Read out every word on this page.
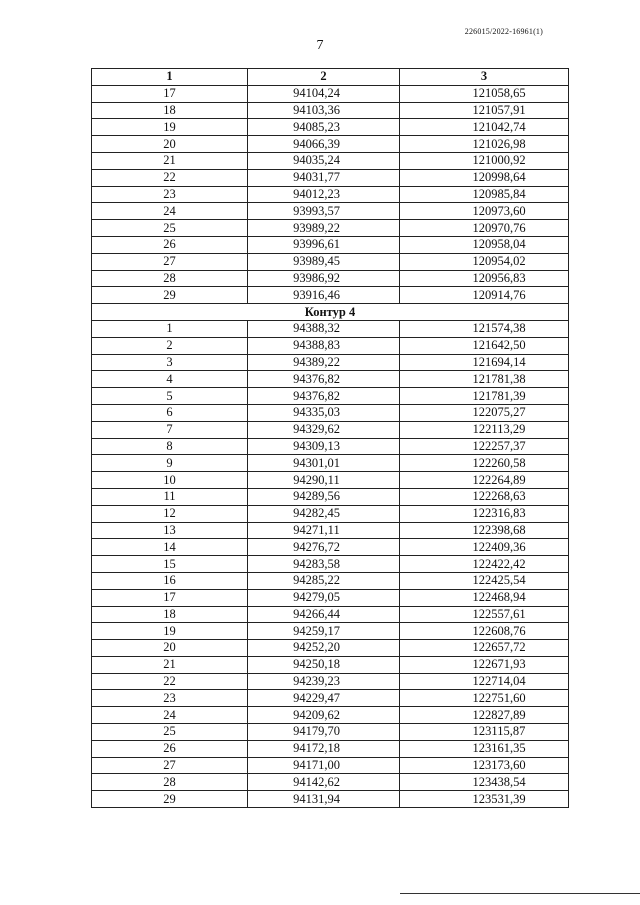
226015/2022-16961(1)
7
1	2	3
17	94104,24	121058,65
18	94103,36	121057,91
19	94085,23	121042,74
20	94066,39	121026,98
21	94035,24	121000,92
22	94031,77	120998,64
23	94012,23	120985,84
24	93993,57	120973,60
25	93989,22	120970,76
26	93996,61	120958,04
27	93989,45	120954,02
28	93986,92	120956,83
29	93916,46	120914,76
Контур 4		
1	94388,32	121574,38
2	94388,83	121642,50
3	94389,22	121694,14
4	94376,82	121781,38
5	94376,82	121781,39
6	94335,03	122075,27
7	94329,62	122113,29
8	94309,13	122257,37
9	94301,01	122260,58
10	94290,11	122264,89
11	94289,56	122268,63
12	94282,45	122316,83
13	94271,11	122398,68
14	94276,72	122409,36
15	94283,58	122422,42
16	94285,22	122425,54
17	94279,05	122468,94
18	94266,44	122557,61
19	94259,17	122608,76
20	94252,20	122657,72
21	94250,18	122671,93
22	94239,23	122714,04
23	94229,47	122751,60
24	94209,62	122827,89
25	94179,70	123115,87
26	94172,18	123161,35
27	94171,00	123173,60
28	94142,62	123438,54
29	94131,94	123531,39
